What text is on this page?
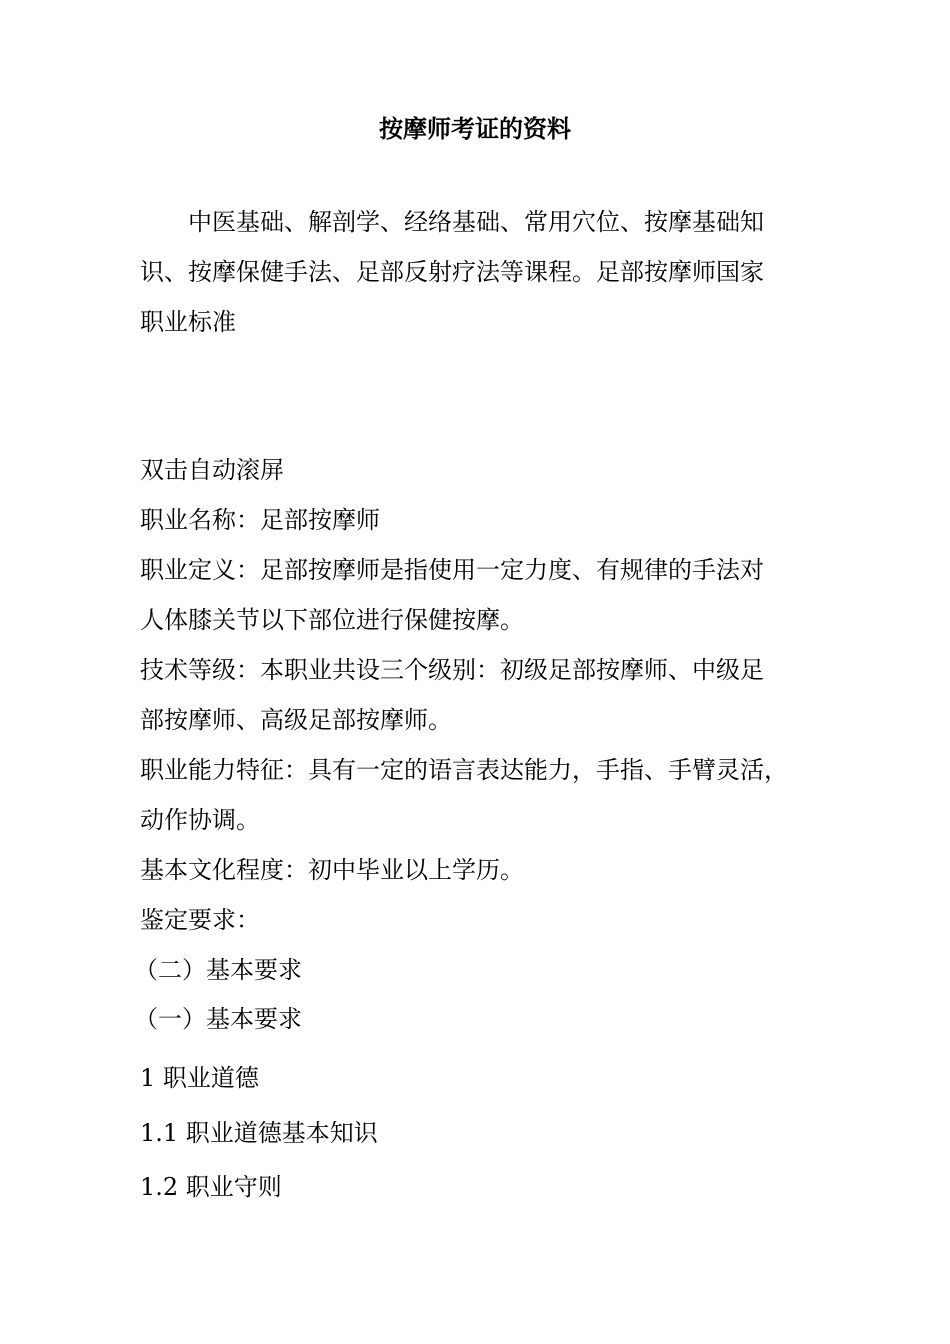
按摩师考证的资料

中医基础、解剖学、经络基础、常用穴位、按摩基础知

识、按摩保健手法、足部反射疗法等课程。足部按摩师国家

职业标准

双击自动滚屏

职业名称：足部按摩师

职业定义：足部按摩师是指使用一定力度、有规律的手法对

人体膝关节以下部位进行保健按摩。

技术等级：本职业共设三个级别：初级足部按摩师、中级足

部按摩师、高级足部按摩师。

职业能力特征：具有一定的语言表达能力，手指、手臂灵活，

动作协调。

基本文化程度：初中毕业以上学历。

鉴定要求：

（二）基本要求

（一）基本要求

1 职业道德

1.1 职业道德基本知识

1.2 职业守则
